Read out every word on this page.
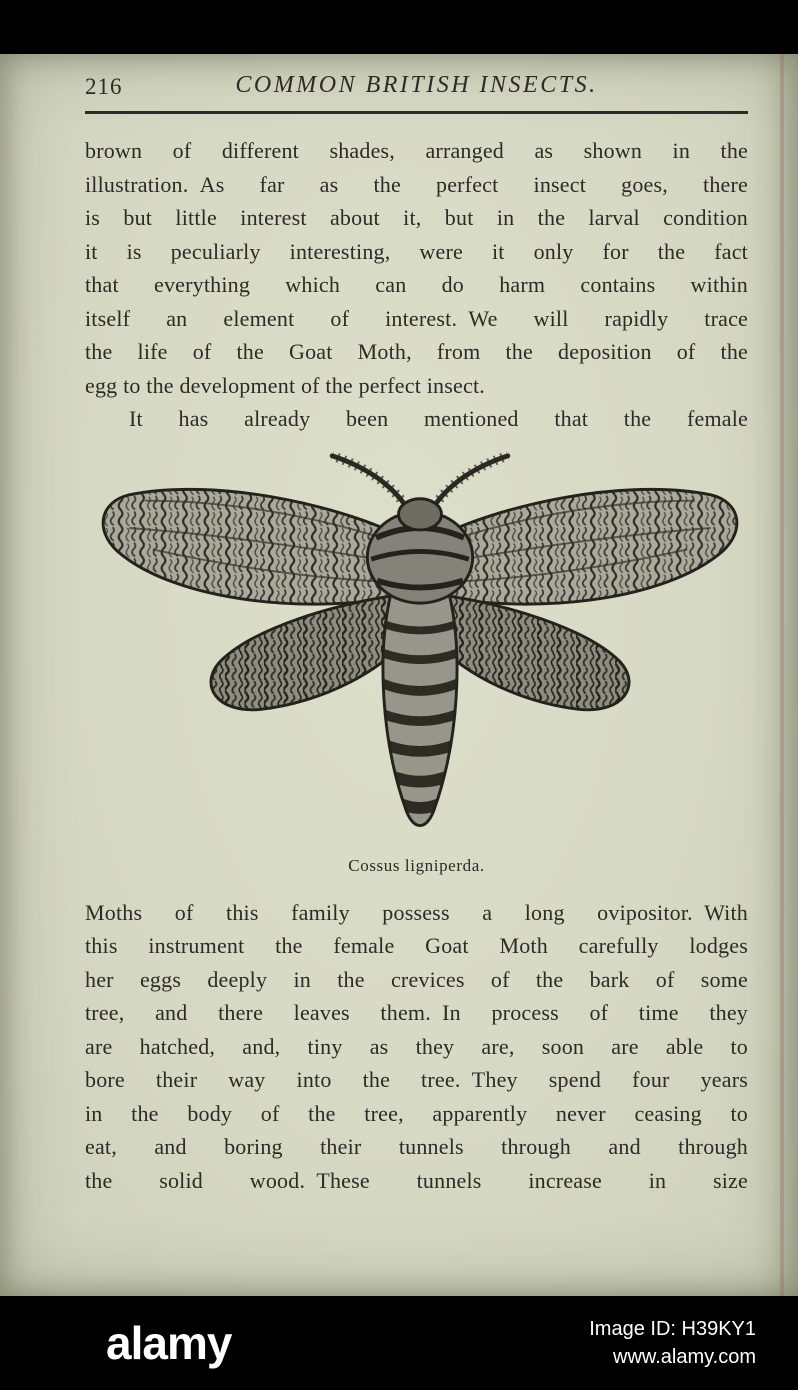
216	COMMON BRITISH INSECTS.
brown of different shades, arranged as shown in the
illustration. As far as the perfect insect goes, there
is but little interest about it, but in the larval condition
it is peculiarly interesting, were it only for the fact
that everything which can do harm contains within
itself an element of interest. We will rapidly trace
the life of the Goat Moth, from the deposition of the
egg to the development of the perfect insect.
It has already been mentioned that the female
Cossus ligniperda.
Moths of this family possess a long ovipositor. With
this instrument the female Goat Moth carefully lodges
her eggs deeply in the crevices of the bark of some
tree, and there leaves them. In process of time they
are hatched, and, tiny as they are, soon are able to
bore their way into the tree. They spend four years
in the body of the tree, apparently never ceasing to
eat, and boring their tunnels through and through
the solid wood. These tunnels increase in size
alamy	Image ID: H39KY1
www.alamy.com
